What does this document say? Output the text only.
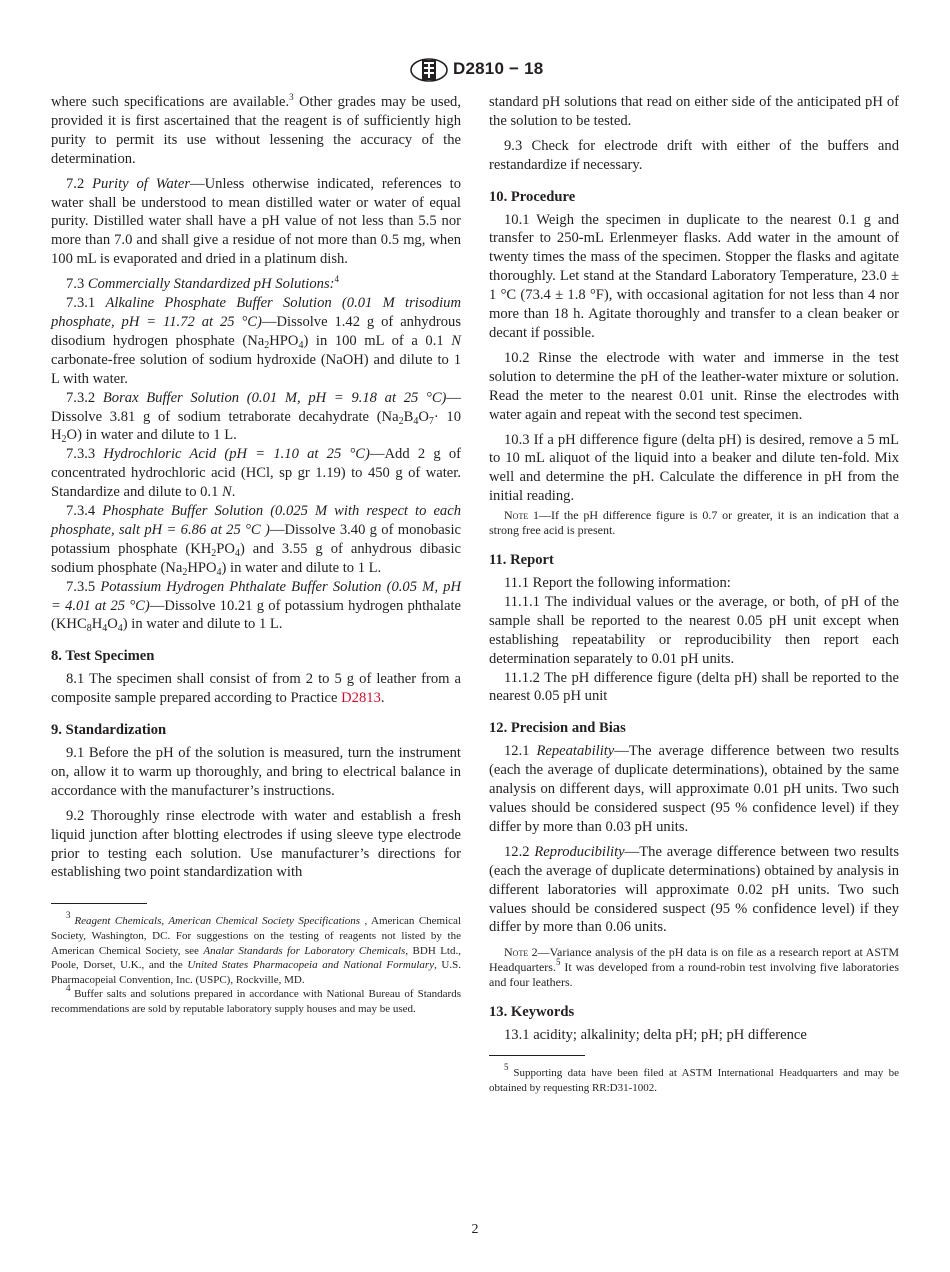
D2810 − 18

where such specifications are available.$^3$ Other grades may be used, provided it is first ascertained that the reagent is of sufficiently high purity to permit its use without lessening the accuracy of the determination.

7.2 Purity of Water—Unless otherwise indicated, references to water shall be understood to mean distilled water or water of equal purity. Distilled water shall have a pH value of not less than 5.5 nor more than 7.0 and shall give a residue of not more than 0.5 mg, when 100 mL is evaporated and dried in a platinum dish.

7.3 Commercially Standardized pH Solutions:$^4$

7.3.1 Alkaline Phosphate Buffer Solution (0.01 M trisodium phosphate, pH = 11.72 at 25 °C)—Dissolve 1.42 g of anhydrous disodium hydrogen phosphate $(Na_2HPO_4)$ in 100 mL of a 0.1 N carbonate-free solution of sodium hydroxide (NaOH) and dilute to 1 L with water.

7.3.2 Borax Buffer Solution (0.01 M, pH = 9.18 at 25 °C)—Dissolve 3.81 g of sodium tetraborate decahydrate ($Na_2B_4O_7\cdot 10$ $H_2O$) in water and dilute to 1 L.

7.3.3 Hydrochloric Acid (pH = 1.10 at 25 °C)—Add 2 g of concentrated hydrochloric acid (HCl, sp gr 1.19) to 450 g of water. Standardize and dilute to 0.1 N.

7.3.4 Phosphate Buffer Solution (0.025 M with respect to each phosphate, salt pH = 6.86 at 25 °C )—Dissolve 3.40 g of monobasic potassium phosphate $(KH_2PO_4)$ and 3.55 g of anhydrous dibasic sodium phosphate $(Na_2HPO_4)$ in water and dilute to 1 L.

7.3.5 Potassium Hydrogen Phthalate Buffer Solution (0.05 M, pH = 4.01 at 25 °C)—Dissolve 10.21 g of potassium hydrogen phthalate $(KHC_8H_4O_4)$ in water and dilute to 1 L.

8. Test Specimen

8.1 The specimen shall consist of from 2 to 5 g of leather from a composite sample prepared according to Practice D2813.

9. Standardization

9.1 Before the pH of the solution is measured, turn the instrument on, allow it to warm up thoroughly, and bring to electrical balance in accordance with the manufacturer’s instructions.

9.2 Thoroughly rinse electrode with water and establish a fresh liquid junction after blotting electrodes if using sleeve type electrode prior to testing each solution. Use manufacturer’s directions for establishing two point standardization with

$^3$ Reagent Chemicals, American Chemical Society Specifications , American Chemical Society, Washington, DC. For suggestions on the testing of reagents not listed by the American Chemical Society, see Analar Standards for Laboratory Chemicals, BDH Ltd., Poole, Dorset, U.K., and the United States Pharmacopeia and National Formulary, U.S. Pharmacopeial Convention, Inc. (USPC), Rockville, MD.

$^4$ Buffer salts and solutions prepared in accordance with National Bureau of Standards recommendations are sold by reputable laboratory supply houses and may be used.

standard pH solutions that read on either side of the anticipated pH of the solution to be tested.

9.3 Check for electrode drift with either of the buffers and restandardize if necessary.

10. Procedure

10.1 Weigh the specimen in duplicate to the nearest 0.1 g and transfer to 250-mL Erlenmeyer flasks. Add water in the amount of twenty times the mass of the specimen. Stopper the flasks and agitate thoroughly. Let stand at the Standard Laboratory Temperature, 23.0 ± 1 °C (73.4 ± 1.8 °F), with occasional agitation for not less than 4 nor more than 18 h. Agitate thoroughly and transfer to a clean beaker or decant if possible.

10.2 Rinse the electrode with water and immerse in the test solution to determine the pH of the leather-water mixture or solution. Read the meter to the nearest 0.01 unit. Rinse the electrodes with water again and repeat with the second test specimen.

10.3 If a pH difference figure (delta pH) is desired, remove a 5 mL to 10 mL aliquot of the liquid into a beaker and dilute ten-fold. Mix well and determine the pH. Calculate the difference in pH from the initial reading.

Note 1—If the pH difference figure is 0.7 or greater, it is an indication that a strong free acid is present.

11. Report

11.1 Report the following information:

11.1.1 The individual values or the average, or both, of pH of the sample shall be reported to the nearest 0.05 pH unit except when establishing repeatability or reproducibility then report each determination separately to 0.01 pH units.

11.1.2 The pH difference figure (delta pH) shall be reported to the nearest 0.05 pH unit

12. Precision and Bias

12.1 Repeatability—The average difference between two results (each the average of duplicate determinations), obtained by the same analysis on different days, will approximate 0.01 pH units. Two such values should be considered suspect (95 % confidence level) if they differ by more than 0.03 pH units.

12.2 Reproducibility—The average difference between two results (each the average of duplicate determinations) obtained by analysis in different laboratories will approximate 0.02 pH units. Two such values should be considered suspect (95 % confidence level) if they differ by more than 0.06 units.

Note 2—Variance analysis of the pH data is on file as a research report at ASTM Headquarters.$^5$ It was developed from a round-robin test involving five laboratories and four leathers.

13. Keywords

13.1 acidity; alkalinity; delta pH; pH; pH difference

$^5$ Supporting data have been filed at ASTM International Headquarters and may be obtained by requesting RR:D31-1002.

2
